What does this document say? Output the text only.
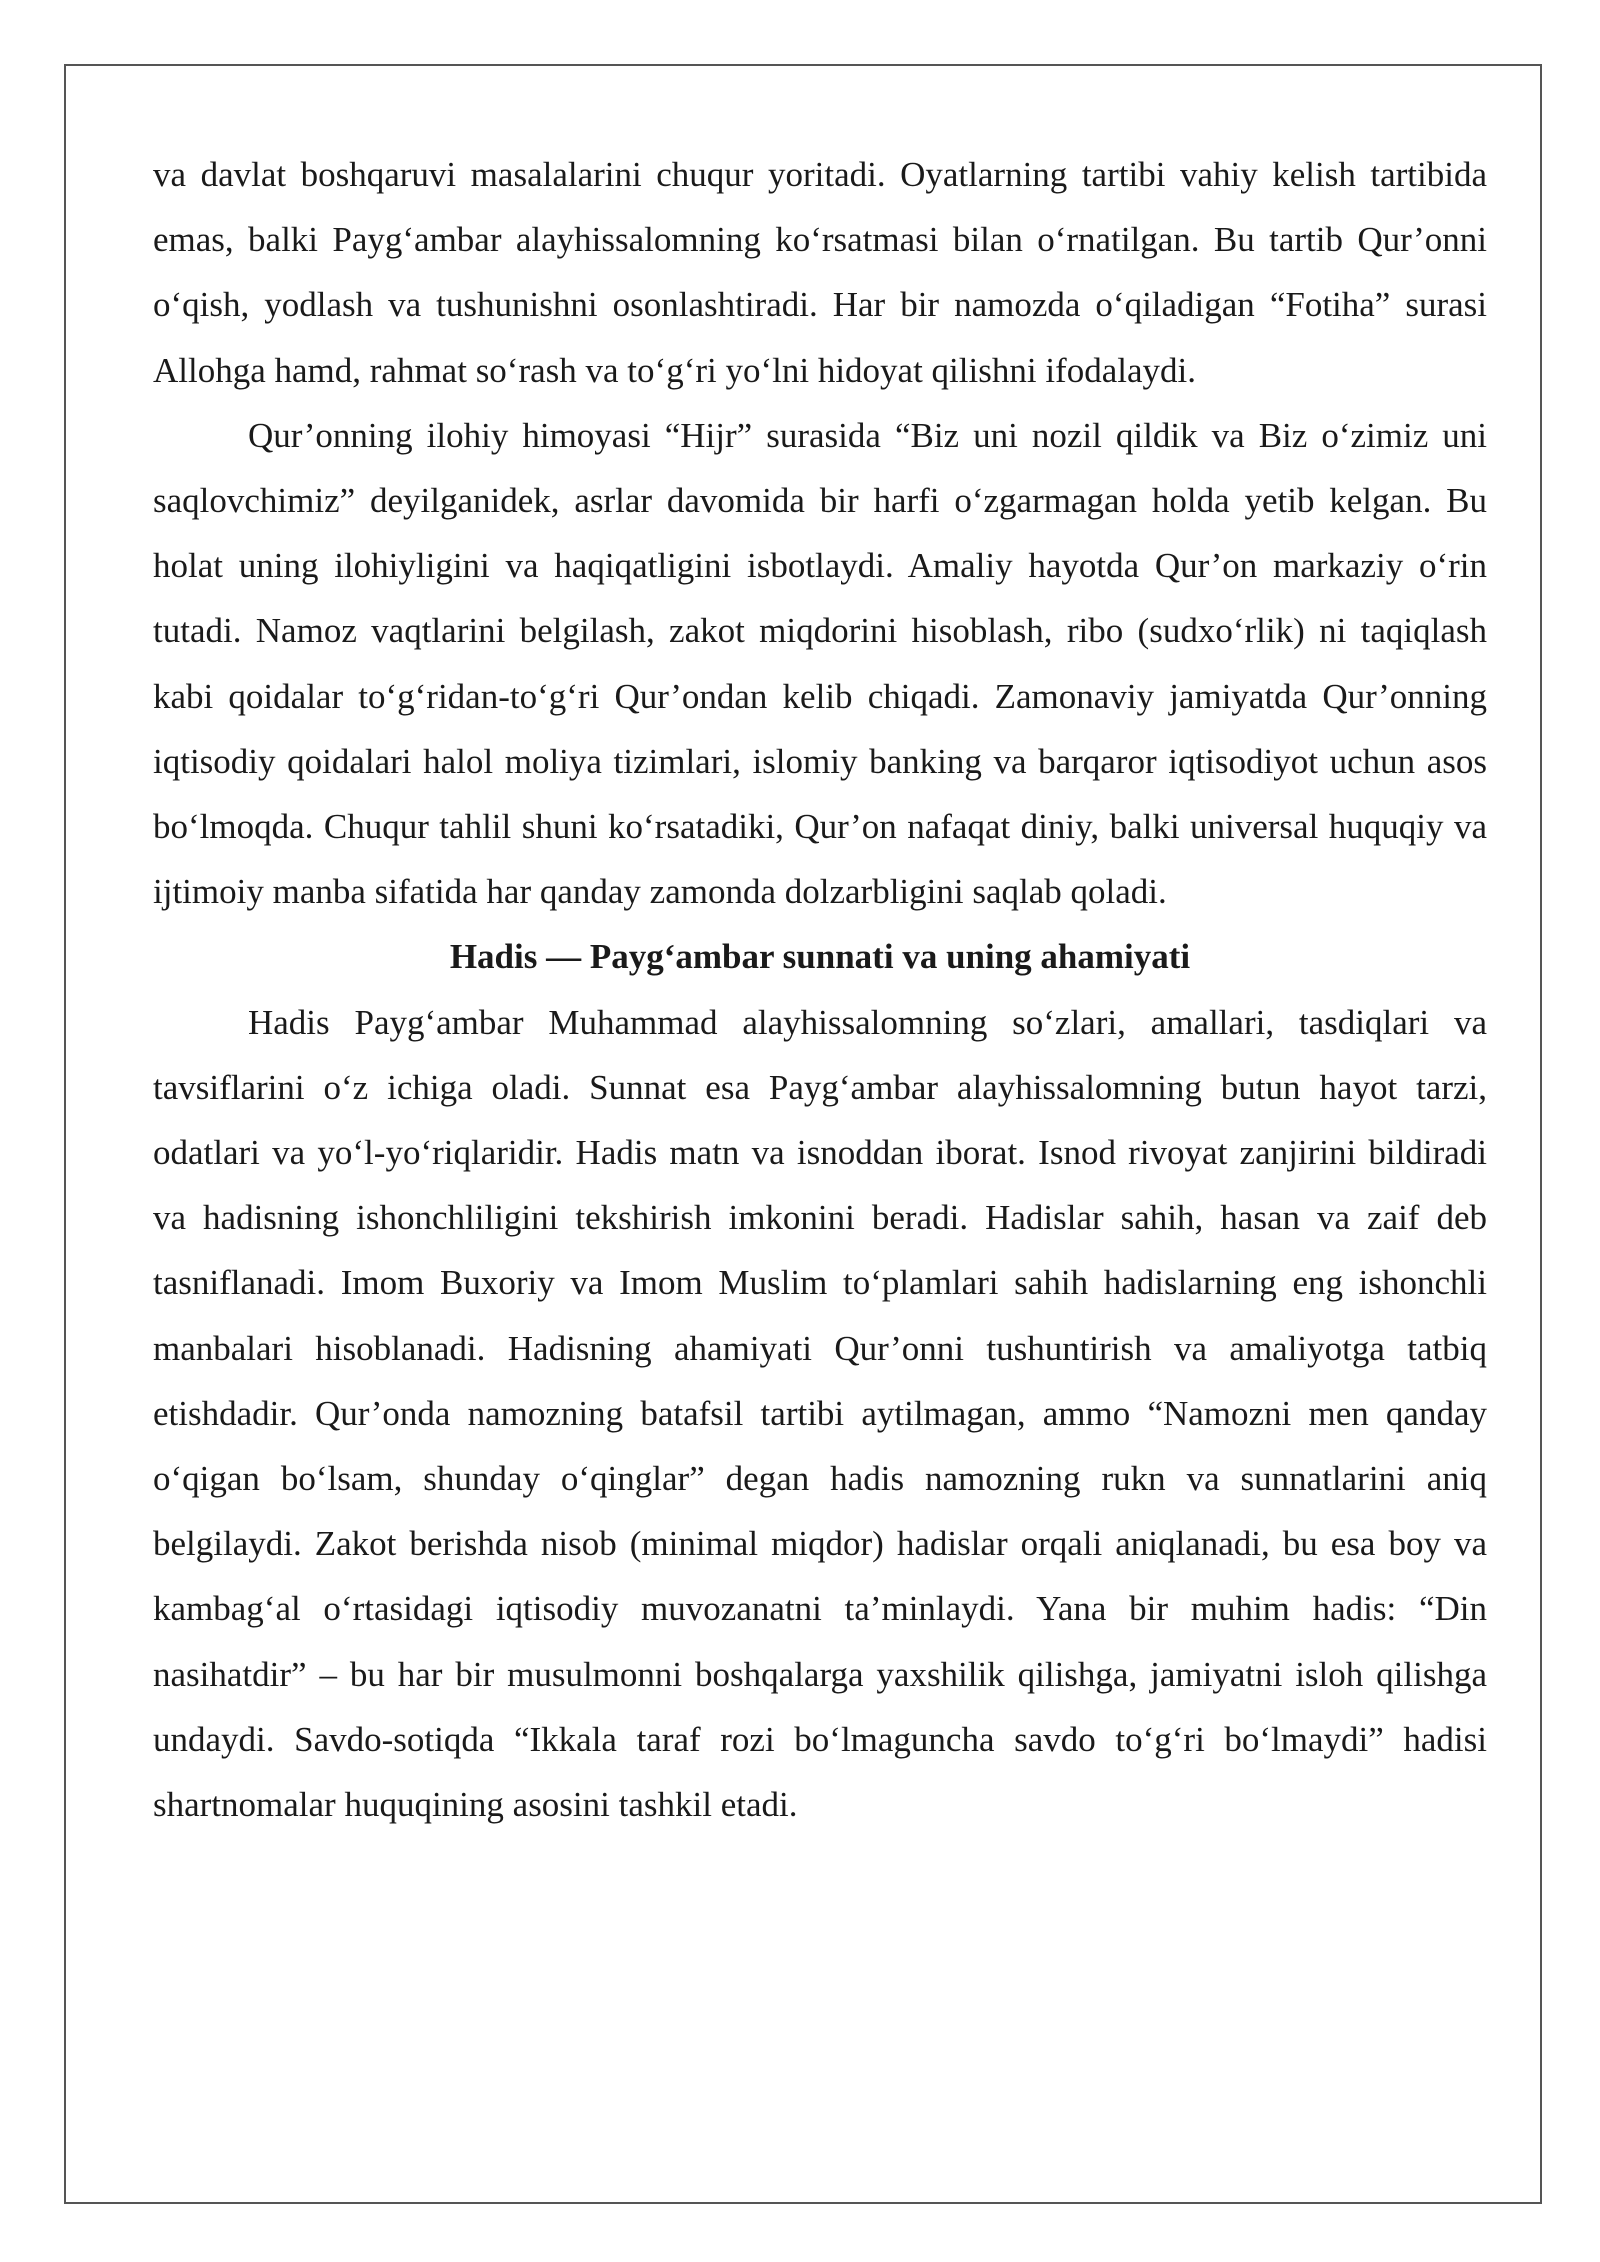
va davlat boshqaruvi masalalarini chuqur yoritadi. Oyatlarning tartibi vahiy kelish tartibida emas, balki Payg‘ambar alayhissalomning ko‘rsatmasi bilan o‘rnatilgan. Bu tartib Qur’onni o‘qish, yodlash va tushunishni osonlashtiradi. Har bir namozda o‘qiladigan “Fotiha” surasi Allohga hamd, rahmat so‘rash va to‘g‘ri yo‘lni hidoyat qilishni ifodalaydi.

Qur’onning ilohiy himoyasi “Hijr” surasida “Biz uni nozil qildik va Biz o‘zimiz uni saqlovchimiz” deyilganidek, asrlar davomida bir harfi o‘zgarmagan holda yetib kelgan. Bu holat uning ilohiyligini va haqiqatligini isbotlaydi. Amaliy hayotda Qur’on markaziy o‘rin tutadi. Namoz vaqtlarini belgilash, zakot miqdorini hisoblash, ribo (sudxo‘rlik) ni taqiqlash kabi qoidalar to‘g‘ridan-to‘g‘ri Qur’ondan kelib chiqadi. Zamonaviy jamiyatda Qur’onning iqtisodiy qoidalari halol moliya tizimlari, islomiy banking va barqaror iqtisodiyot uchun asos bo‘lmoqda. Chuqur tahlil shuni ko‘rsatadiki, Qur’on nafaqat diniy, balki universal huquqiy va ijtimoiy manba sifatida har qanday zamonda dolzarbligini saqlab qoladi.

Hadis — Payg‘ambar sunnati va uning ahamiyati

Hadis Payg‘ambar Muhammad alayhissalomning so‘zlari, amallari, tasdiqlari va tavsiflarini o‘z ichiga oladi. Sunnat esa Payg‘ambar alayhissalomning butun hayot tarzi, odatlari va yo‘l-yo‘riqlaridir. Hadis matn va isnoddan iborat. Isnod rivoyat zanjirini bildiradi va hadisning ishonchliligini tekshirish imkonini beradi. Hadislar sahih, hasan va zaif deb tasniflanadi. Imom Buxoriy va Imom Muslim to‘plamlari sahih hadislarning eng ishonchli manbalari hisoblanadi. Hadisning ahamiyati Qur’onni tushuntirish va amaliyotga tatbiq etishdadir. Qur’onda namozning batafsil tartibi aytilmagan, ammo “Namozni men qanday o‘qigan bo‘lsam, shunday o‘qinglar” degan hadis namozning rukn va sunnatlarini aniq belgilaydi. Zakot berishda nisob (minimal miqdor) hadislar orqali aniqlanadi, bu esa boy va kambag‘al o‘rtasidagi iqtisodiy muvozanatni ta’minlaydi. Yana bir muhim hadis: “Din nasihatdir” – bu har bir musulmonni boshqalarga yaxshilik qilishga, jamiyatni isloh qilishga undaydi. Savdo-sotiqda “Ikkala taraf rozi bo‘lmaguncha savdo to‘g‘ri bo‘lmaydi” hadisi shartnomalar huquqining asosini tashkil etadi.
